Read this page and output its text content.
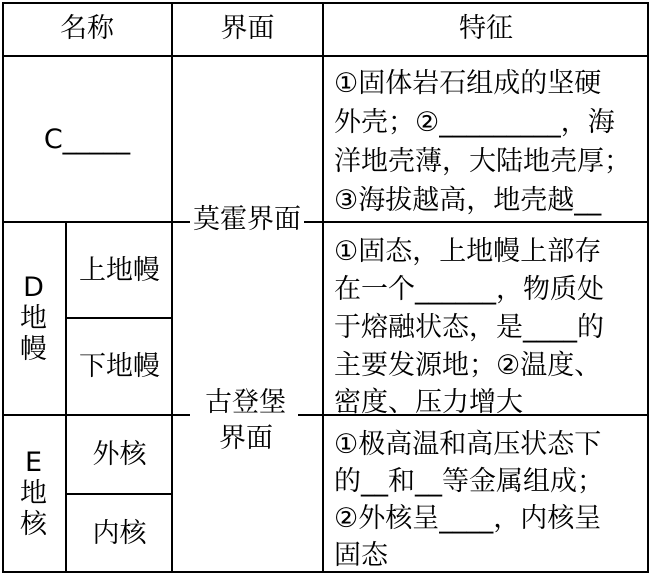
名称	界面	特征
C_____
①固体岩石组成的坚硬
外壳；②_________，海
洋地壳薄，大陆地壳厚；
③海拔越高，地壳越__
莫霍界面
D
地
幔
上地幔
下地幔
①固态，上地幔上部存
在一个______，物质处
于熔融状态，是____的
主要发源地；②温度、
密度、压力增大
古登堡
界面
E
地
核
外核
内核
①极高温和高压状态下
的__和__等金属组成；
②外核呈____，内核呈
固态
